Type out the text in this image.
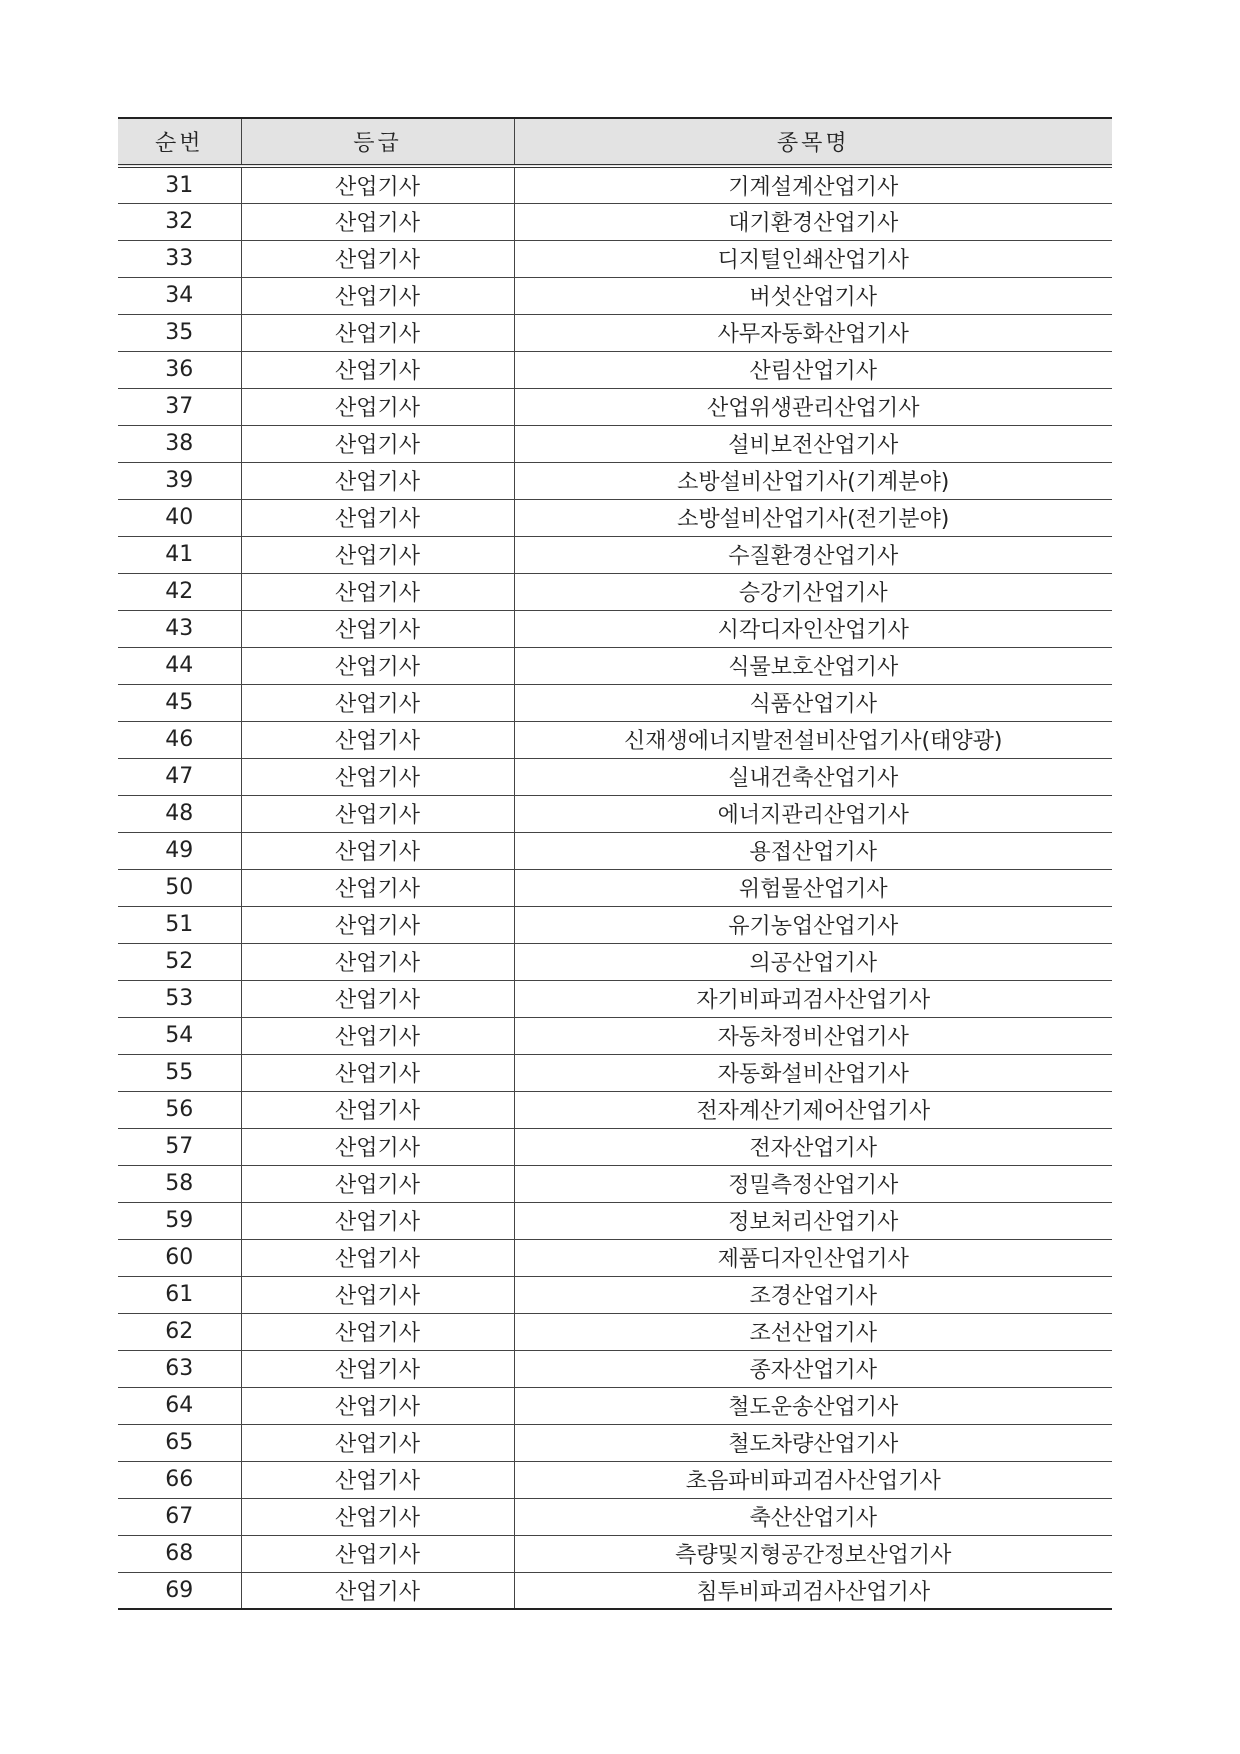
순번	등급	종목명
31	산업기사	기계설계산업기사
32	산업기사	대기환경산업기사
33	산업기사	디지털인쇄산업기사
34	산업기사	버섯산업기사
35	산업기사	사무자동화산업기사
36	산업기사	산림산업기사
37	산업기사	산업위생관리산업기사
38	산업기사	설비보전산업기사
39	산업기사	소방설비산업기사(기계분야)
40	산업기사	소방설비산업기사(전기분야)
41	산업기사	수질환경산업기사
42	산업기사	승강기산업기사
43	산업기사	시각디자인산업기사
44	산업기사	식물보호산업기사
45	산업기사	식품산업기사
46	산업기사	신재생에너지발전설비산업기사(태양광)
47	산업기사	실내건축산업기사
48	산업기사	에너지관리산업기사
49	산업기사	용접산업기사
50	산업기사	위험물산업기사
51	산업기사	유기농업산업기사
52	산업기사	의공산업기사
53	산업기사	자기비파괴검사산업기사
54	산업기사	자동차정비산업기사
55	산업기사	자동화설비산업기사
56	산업기사	전자계산기제어산업기사
57	산업기사	전자산업기사
58	산업기사	정밀측정산업기사
59	산업기사	정보처리산업기사
60	산업기사	제품디자인산업기사
61	산업기사	조경산업기사
62	산업기사	조선산업기사
63	산업기사	종자산업기사
64	산업기사	철도운송산업기사
65	산업기사	철도차량산업기사
66	산업기사	초음파비파괴검사산업기사
67	산업기사	축산산업기사
68	산업기사	측량및지형공간정보산업기사
69	산업기사	침투비파괴검사산업기사
